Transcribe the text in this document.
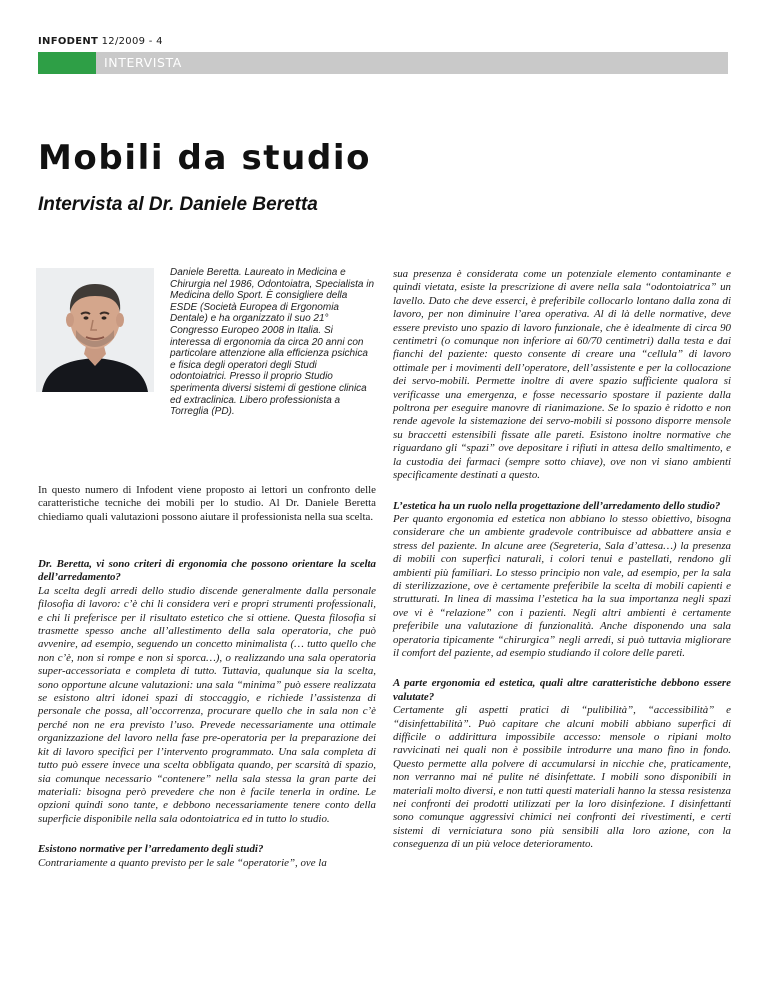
INFODENT 12/2009 - 4
INTERVISTA
Mobili da studio
Intervista al Dr. Daniele Beretta

Daniele Beretta. Laureato in Medicina e Chirurgia nel 1986, Odontoiatra, Specialista in Medicina dello Sport. È consigliere della ESDE (Società Europea di Ergonomia Dentale) e ha organizzato il suo 21° Congresso Europeo 2008 in Italia. Si interessa di ergonomia da circa 20 anni con particolare attenzione alla efficienza psichica e fisica degli operatori degli Studi odontoiatrici. Presso il proprio Studio sperimenta diversi sistemi di gestione clinica ed extraclinica. Libero professionista a Torreglia (PD).

In questo numero di Infodent viene proposto ai lettori un confronto delle caratteristiche tecniche dei mobili per lo studio. Al Dr. Daniele Beretta chiediamo quali valutazioni possono aiutare il professionista nella sua scelta.

Dr. Beretta, vi sono criteri di ergonomia che possono orientare la scelta dell’arredamento?
La scelta degli arredi dello studio discende generalmente dalla personale filosofia di lavoro: c’è chi li considera veri e propri strumenti professionali, e chi li preferisce per il risultato estetico che si ottiene. Questa filosofia si trasmette spesso anche all’allestimento della sala operatoria, che può avvenire, ad esempio, seguendo un concetto minimalista (… tutto quello che non c’è, non si rompe e non si sporca…), o realizzando una sala operatoria super-accessoriata e completa di tutto. Tuttavia, qualunque sia la scelta, sono opportune alcune valutazioni: una sala “minima” può essere realizzata se esistono altri idonei spazi di stoccaggio, e richiede l’assistenza di personale che possa, all’occorrenza, procurare quello che in sala non c’è perché non ne era previsto l’uso. Prevede necessariamente una ottimale organizzazione del lavoro nella fase pre-operatoria per la preparazione dei kit di lavoro specifici per l’intervento programmato. Una sala completa di tutto può essere invece una scelta obbligata quando, per scarsità di spazio, sia comunque necessario “contenere” nella sala stessa la gran parte dei materiali: bisogna però prevedere che non è facile tenerla in ordine. Le opzioni quindi sono tante, e debbono necessariamente tenere conto della superficie disponibile nella sala odontoiatrica ed in tutto lo studio.

Esistono normative per l’arredamento degli studi?
Contrariamente a quanto previsto per le sale “operatorie”, ove la

sua presenza è considerata come un potenziale elemento contaminante e quindi vietata, esiste la prescrizione di avere nella sala “odontoiatrica” un lavello. Dato che deve esserci, è preferibile collocarlo lontano dalla zona di lavoro, per non diminuire l’area operativa. Al di là delle normative, deve essere previsto uno spazio di lavoro funzionale, che è idealmente di circa 90 centimetri (o comunque non inferiore ai 60/70 centimetri) dalla testa e dai fianchi del paziente: questo consente di creare una “cellula” di lavoro ottimale per i movimenti dell’operatore, dell’assistente e per la collocazione dei servo-mobili. Permette inoltre di avere spazio sufficiente qualora si verificasse una emergenza, e fosse necessario spostare il paziente dalla poltrona per eseguire manovre di rianimazione. Se lo spazio è ridotto e non rende agevole la sistemazione dei servo-mobili si possono disporre mensole su braccetti estensibili fissate alle pareti. Esistono inoltre normative che riguardano gli “spazi” ove depositare i rifiuti in attesa dello smaltimento, e la custodia dei farmaci (sempre sotto chiave), ove non vi siano ambienti specificamente destinati a questo.

L’estetica ha un ruolo nella progettazione dell’arredamento dello studio?
Per quanto ergonomia ed estetica non abbiano lo stesso obiettivo, bisogna considerare che un ambiente gradevole contribuisce ad abbattere ansia e stress del paziente. In alcune aree (Segreteria, Sala d’attesa…) la presenza di mobili con superfici naturali, i colori tenui e pastellati, rendono gli ambienti più familiari. Lo stesso principio non vale, ad esempio, per la sala di sterilizzazione, ove è certamente preferibile la scelta di mobili capienti e strutturati. In linea di massima l’estetica ha la sua importanza negli spazi ove vi è “relazione” con i pazienti. Negli altri ambienti è certamente preferibile una valutazione di funzionalità. Anche disponendo una sala operatoria tipicamente “chirurgica” negli arredi, si può tuttavia migliorare il comfort del paziente, ad esempio studiando il colore delle pareti.

A parte ergonomia ed estetica, quali altre caratteristiche debbono essere valutate?
Certamente gli aspetti pratici di “pulibilità”, “accessibilità” e “disinfettabilità”. Può capitare che alcuni mobili abbiano superfici di difficile o addirittura impossibile accesso: mensole o ripiani molto ravvicinati nei quali non è possibile introdurre una mano fino in fondo. Questo permette alla polvere di accumularsi in nicchie che, praticamente, non verranno mai né pulite né disinfettate. I mobili sono disponibili in materiali molto diversi, e non tutti questi materiali hanno la stessa resistenza nei confronti dei prodotti utilizzati per la loro disinfezione. I disinfettanti sono comunque aggressivi chimici nei confronti dei rivestimenti, e certi sistemi di verniciatura sono più sensibili alla loro azione, con la conseguenza di un più veloce deterioramento.
